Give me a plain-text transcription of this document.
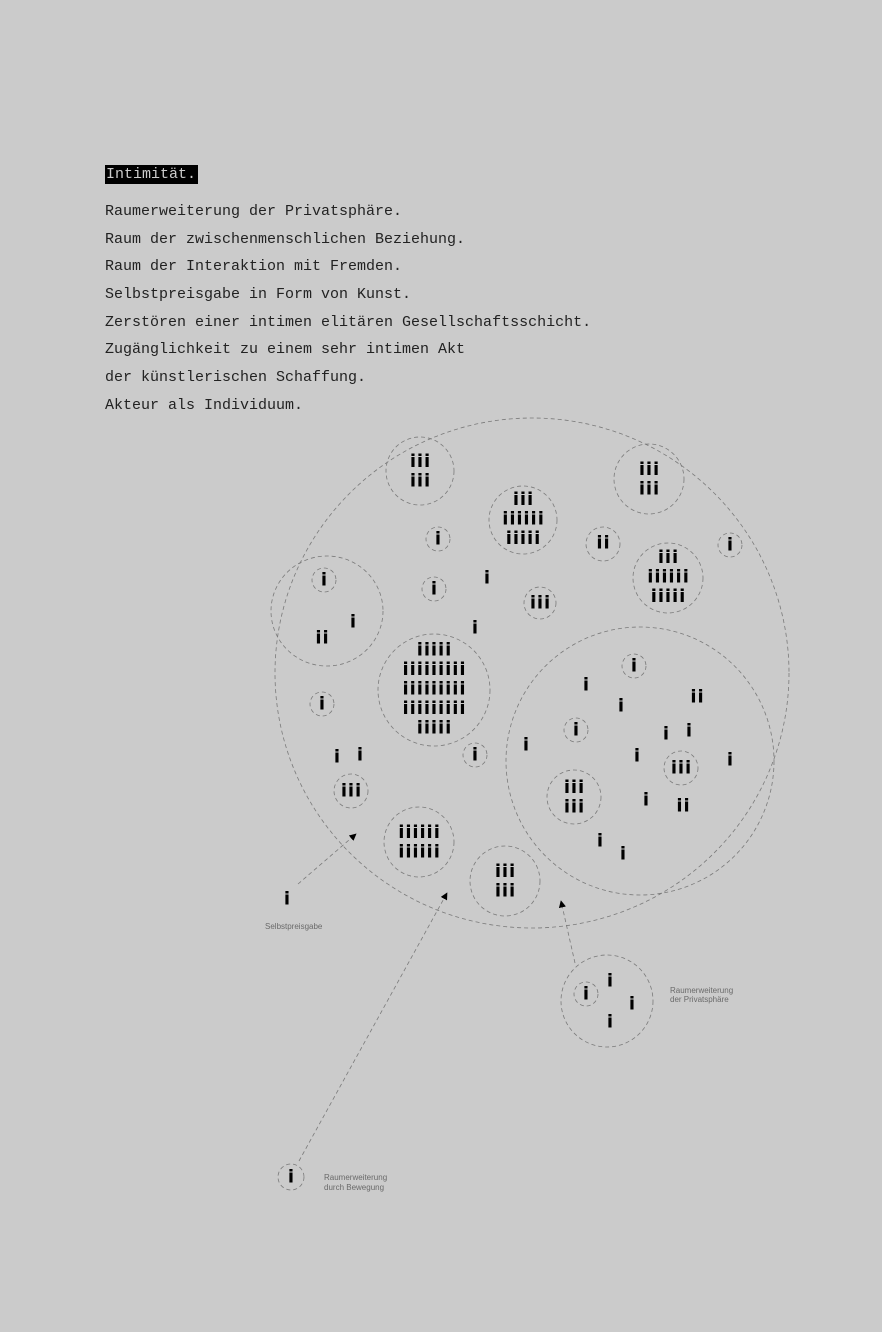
Intimität.
Raumerweiterung der Privatsphäre.
Raum der zwischenmenschlichen Beziehung.
Raum der Interaktion mit Fremden.
Selbstpreisgabe in Form von Kunst.
Zerstören einer intimen elitären Gesellschaftsschicht.
Zugänglichkeit zu einem sehr intimen Akt
der künstlerischen Schaffung.
Akteur als Individuum.
i i i
i i i
i i i
i i i
i i i
i i i i i i
i i i i i
i i i
i i i i i i
i i i i i
i i i i i
i i i i i i i i i
i i i i i i i i i
i i i i i i i i i
i i i i i
i i i i i i
i i i i i i
i i i
i i i
i i i
i i i
i i i
i i i
i i
i i i
i i
i i
i i
i
i
i
i
i
i
i
i i	i
i
i
i
i
i
i
i i
i	i
i
i
i
i
i
i i
i
i
Selbstpreisgabe
Raumerweiterung
der Privatsphäre
Raumerweiterung
durch Bewegung
